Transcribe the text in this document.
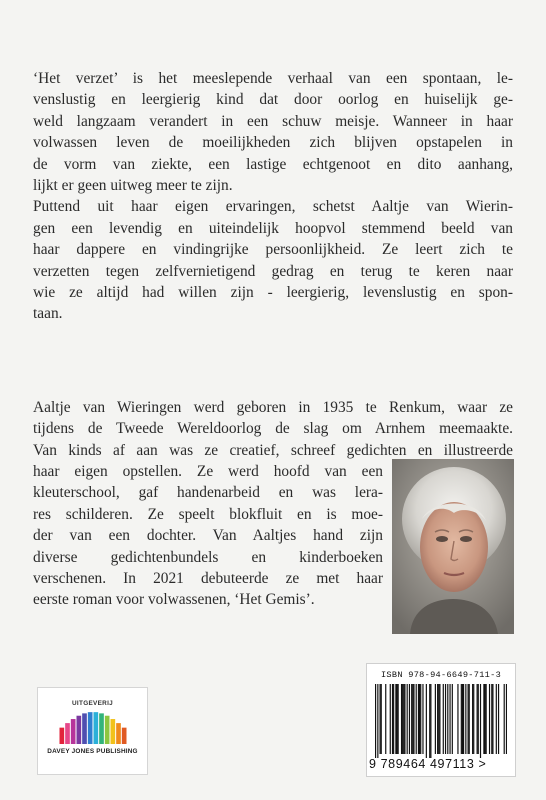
‘Het verzet’ is het meeslepende verhaal van een spontaan, le-
venslustig en leergierig kind dat door oorlog en huiselijk ge-
weld langzaam verandert in een schuw meisje. Wanneer in haar
volwassen leven de moeilijkheden zich blijven opstapelen in
de vorm van ziekte, een lastige echtgenoot en dito aanhang,
lijkt er geen uitweg meer te zijn.
Puttend uit haar eigen ervaringen, schetst Aaltje van Wierin-
gen een levendig en uiteindelijk hoopvol stemmend beeld van
haar dappere en vindingrijke persoonlijkheid. Ze leert zich te
verzetten tegen zelfvernietigend gedrag en terug te keren naar
wie ze altijd had willen zijn - leergierig, levenslustig en spon-
taan.
Aaltje van Wieringen werd geboren in 1935 te Renkum, waar ze
tijdens de Tweede Wereldoorlog de slag om Arnhem meemaakte.
Van kinds af aan was ze creatief, schreef gedichten en illustreerde
haar eigen opstellen. Ze werd hoofd van een
kleuterschool, gaf handenarbeid en was lera-
res schilderen. Ze speelt blokfluit en is moe-
der van een dochter. Van Aaltjes hand zijn
diverse gedichtenbundels en kinderboeken
verschenen. In 2021 debuteerde ze met haar
eerste roman voor volwassenen, ‘Het Gemis’.
ISBN 978-94-6649-711-3
9 789464 497113 >
UITGEVERIJ
DAVEY JONES PUBLISHING
